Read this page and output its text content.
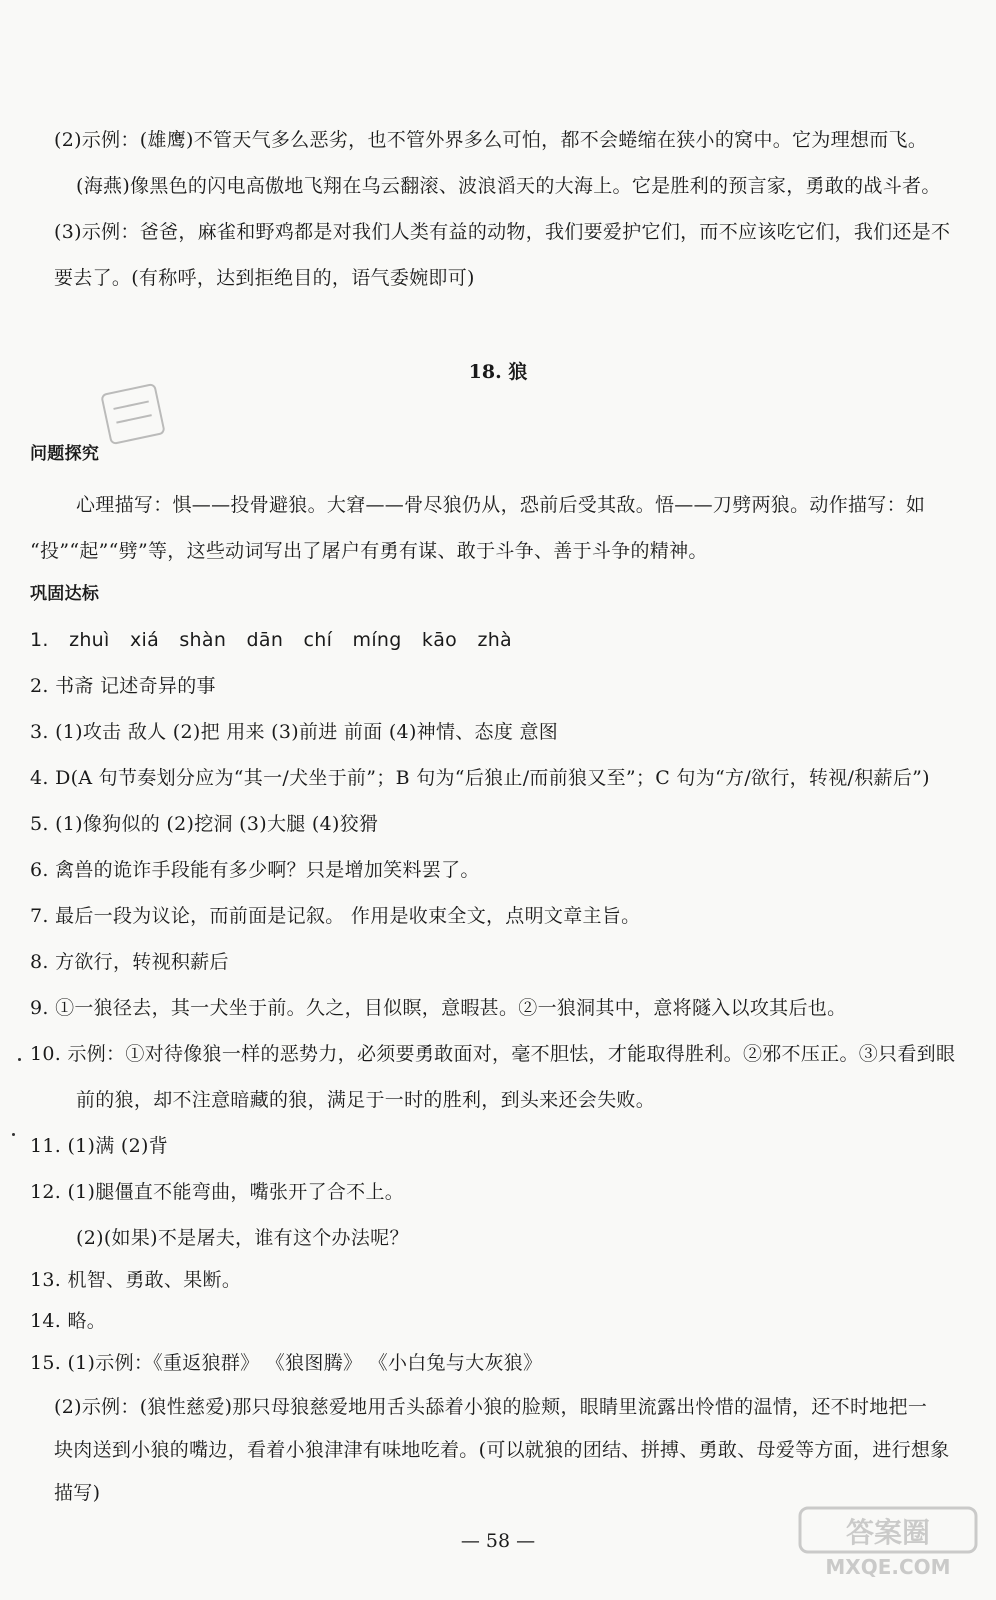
(2)示例：(雄鹰)不管天气多么恶劣，也不管外界多么可怕，都不会蜷缩在狭小的窝中。它为理想而飞。
(海燕)像黑色的闪电高傲地飞翔在乌云翻滚、波浪滔天的大海上。它是胜利的预言家，勇敢的战斗者。
(3)示例：爸爸，麻雀和野鸡都是对我们人类有益的动物，我们要爱护它们，而不应该吃它们，我们还是不
要去了。(有称呼，达到拒绝目的，语气委婉即可)
18. 狼
问题探究
心理描写：惧——投骨避狼。大窘——骨尽狼仍从，恐前后受其敌。悟——刀劈两狼。动作描写：如
“投”“起”“劈”等，这些动词写出了屠户有勇有谋、敢于斗争、善于斗争的精神。
巩固达标
1. zhuì xiá shàn dān chí míng kāo zhà
2. 书斋 记述奇异的事
3. (1)攻击 敌人 (2)把 用来 (3)前进 前面 (4)神情、态度 意图
4. D(A 句节奏划分应为“其一/犬坐于前”；B 句为“后狼止/而前狼又至”；C 句为“方/欲行，转视/积薪后”)
5. (1)像狗似的 (2)挖洞 (3)大腿 (4)狡猾
6. 禽兽的诡诈手段能有多少啊？只是增加笑料罢了。
7. 最后一段为议论，而前面是记叙。 作用是收束全文，点明文章主旨。
8. 方欲行，转视积薪后
9. ①一狼径去，其一犬坐于前。久之，目似瞑，意暇甚。②一狼洞其中，意将隧入以攻其后也。
10. 示例：①对待像狼一样的恶势力，必须要勇敢面对，毫不胆怯，才能取得胜利。②邪不压正。③只看到眼
前的狼，却不注意暗藏的狼，满足于一时的胜利，到头来还会失败。
11. (1)满 (2)背
12. (1)腿僵直不能弯曲，嘴张开了合不上。
(2)(如果)不是屠夫，谁有这个办法呢？
13. 机智、勇敢、果断。
14. 略。
15. (1)示例：《重返狼群》 《狼图腾》 《小白兔与大灰狼》
(2)示例：(狼性慈爱)那只母狼慈爱地用舌头舔着小狼的脸颊，眼睛里流露出怜惜的温情，还不时地把一
块肉送到小狼的嘴边，看着小狼津津有味地吃着。(可以就狼的团结、拼搏、勇敢、母爱等方面，进行想象
描写)
— 58 —	答案圈
MXQE.COM
